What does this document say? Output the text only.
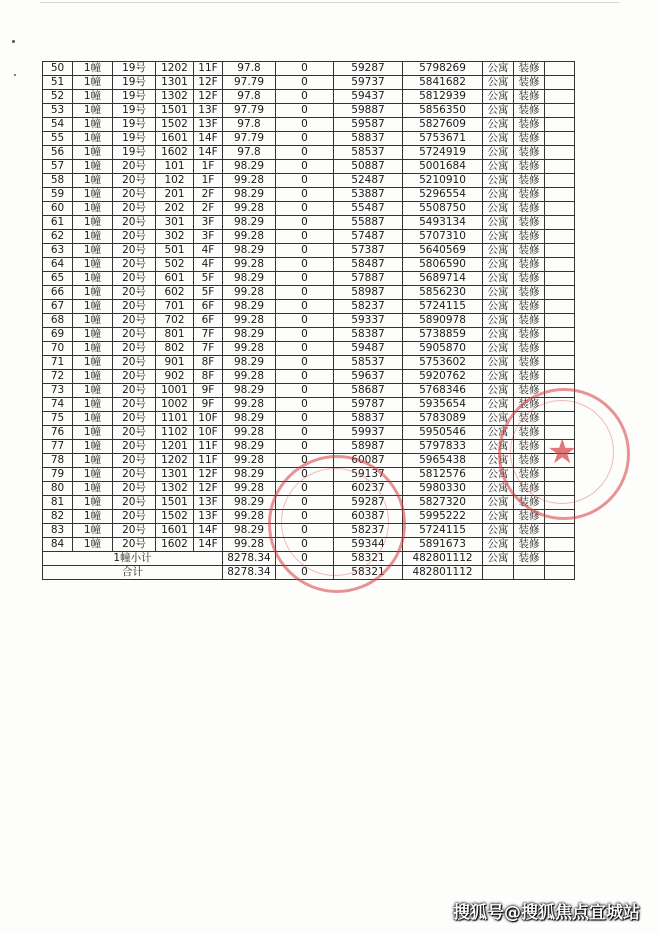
50	1幢	19号	1202	11F	97.8	0	59287	5798269	公寓	装修	
51	1幢	19号	1301	12F	97.79	0	59737	5841682	公寓	装修	
52	1幢	19号	1302	12F	97.8	0	59437	5812939	公寓	装修	
53	1幢	19号	1501	13F	97.79	0	59887	5856350	公寓	装修	
54	1幢	19号	1502	13F	97.8	0	59587	5827609	公寓	装修	
55	1幢	19号	1601	14F	97.79	0	58837	5753671	公寓	装修	
56	1幢	19号	1602	14F	97.8	0	58537	5724919	公寓	装修	
57	1幢	20号	101	1F	98.29	0	50887	5001684	公寓	装修	
58	1幢	20号	102	1F	99.28	0	52487	5210910	公寓	装修	
59	1幢	20号	201	2F	98.29	0	53887	5296554	公寓	装修	
60	1幢	20号	202	2F	99.28	0	55487	5508750	公寓	装修	
61	1幢	20号	301	3F	98.29	0	55887	5493134	公寓	装修	
62	1幢	20号	302	3F	99.28	0	57487	5707310	公寓	装修	
63	1幢	20号	501	4F	98.29	0	57387	5640569	公寓	装修	
64	1幢	20号	502	4F	99.28	0	58487	5806590	公寓	装修	
65	1幢	20号	601	5F	98.29	0	57887	5689714	公寓	装修	
66	1幢	20号	602	5F	99.28	0	58987	5856230	公寓	装修	
67	1幢	20号	701	6F	98.29	0	58237	5724115	公寓	装修	
68	1幢	20号	702	6F	99.28	0	59337	5890978	公寓	装修	
69	1幢	20号	801	7F	98.29	0	58387	5738859	公寓	装修	
70	1幢	20号	802	7F	99.28	0	59487	5905870	公寓	装修	
71	1幢	20号	901	8F	98.29	0	58537	5753602	公寓	装修	
72	1幢	20号	902	8F	99.28	0	59637	5920762	公寓	装修	
73	1幢	20号	1001	9F	98.29	0	58687	5768346	公寓	装修	
74	1幢	20号	1002	9F	99.28	0	59787	5935654	公寓	装修	
75	1幢	20号	1101	10F	98.29	0	58837	5783089	公寓	装修	
76	1幢	20号	1102	10F	99.28	0	59937	5950546	公寓	装修	
77	1幢	20号	1201	11F	98.29	0	58987	5797833	公寓	装修	
78	1幢	20号	1202	11F	99.28	0	60087	5965438	公寓	装修	
79	1幢	20号	1301	12F	98.29	0	59137	5812576	公寓	装修	
80	1幢	20号	1302	12F	99.28	0	60237	5980330	公寓	装修	
81	1幢	20号	1501	13F	98.29	0	59287	5827320	公寓	装修	
82	1幢	20号	1502	13F	99.28	0	60387	5995222	公寓	装修	
83	1幢	20号	1601	14F	98.29	0	58237	5724115	公寓	装修	
84	1幢	20号	1602	14F	99.28	0	59344	5891673	公寓	装修	
1幢小计					8278.34	0	58321	482801112	公寓	装修	
合计					8278.34	0	58321	482801112			
★
搜狐号@搜狐焦点宜城站
